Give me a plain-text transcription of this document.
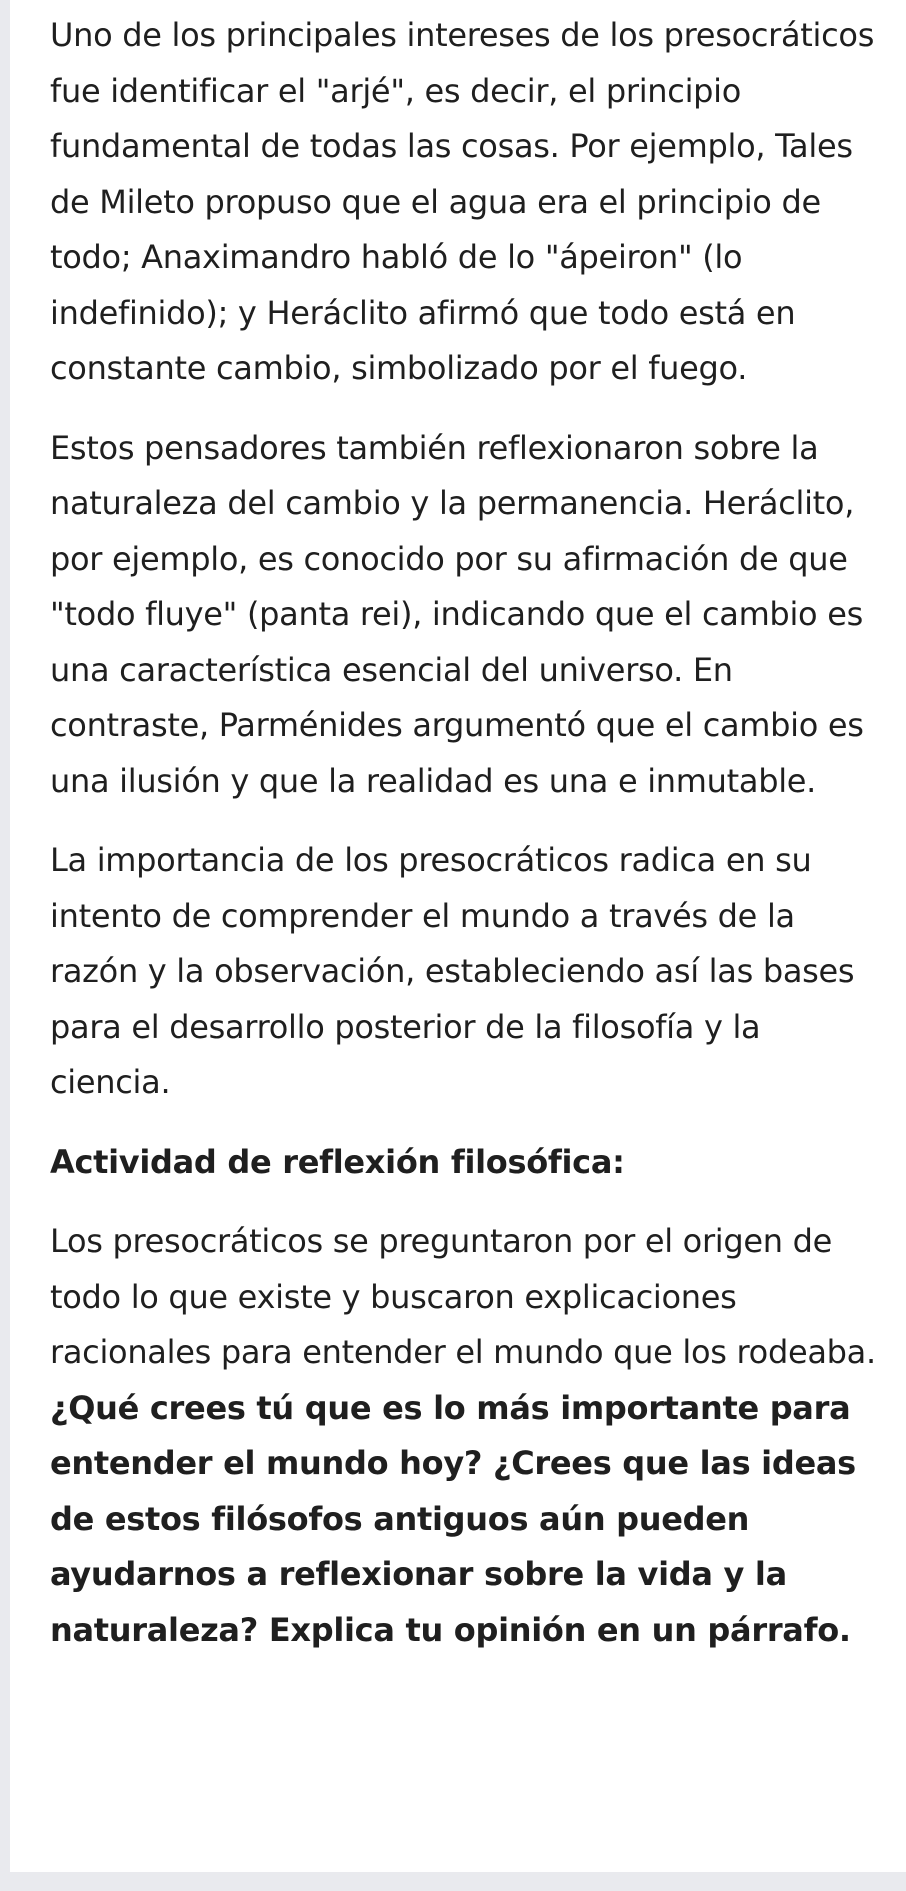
Uno de los principales intereses de los presocráticos fue identificar el "arjé", es decir, el principio fundamental de todas las cosas. Por ejemplo, Tales de Mileto propuso que el agua era el principio de todo; Anaximandro habló de lo "ápeiron" (lo indefinido); y Heráclito afirmó que todo está en constante cambio, simbolizado por el fuego.

Estos pensadores también reflexionaron sobre la naturaleza del cambio y la permanencia. Heráclito, por ejemplo, es conocido por su afirmación de que "todo fluye" (panta rei), indicando que el cambio es una característica esencial del universo. En contraste, Parménides argumentó que el cambio es una ilusión y que la realidad es una e inmutable.

La importancia de los presocráticos radica en su intento de comprender el mundo a través de la razón y la observación, estableciendo así las bases para el desarrollo posterior de la filosofía y la ciencia.

Actividad de reflexión filosófica:

Los presocráticos se preguntaron por el origen de todo lo que existe y buscaron explicaciones racionales para entender el mundo que los rodeaba.

¿Qué crees tú que es lo más importante para entender el mundo hoy? ¿Crees que las ideas de estos filósofos antiguos aún pueden ayudarnos a reflexionar sobre la vida y la naturaleza? Explica tu opinión en un párrafo.
